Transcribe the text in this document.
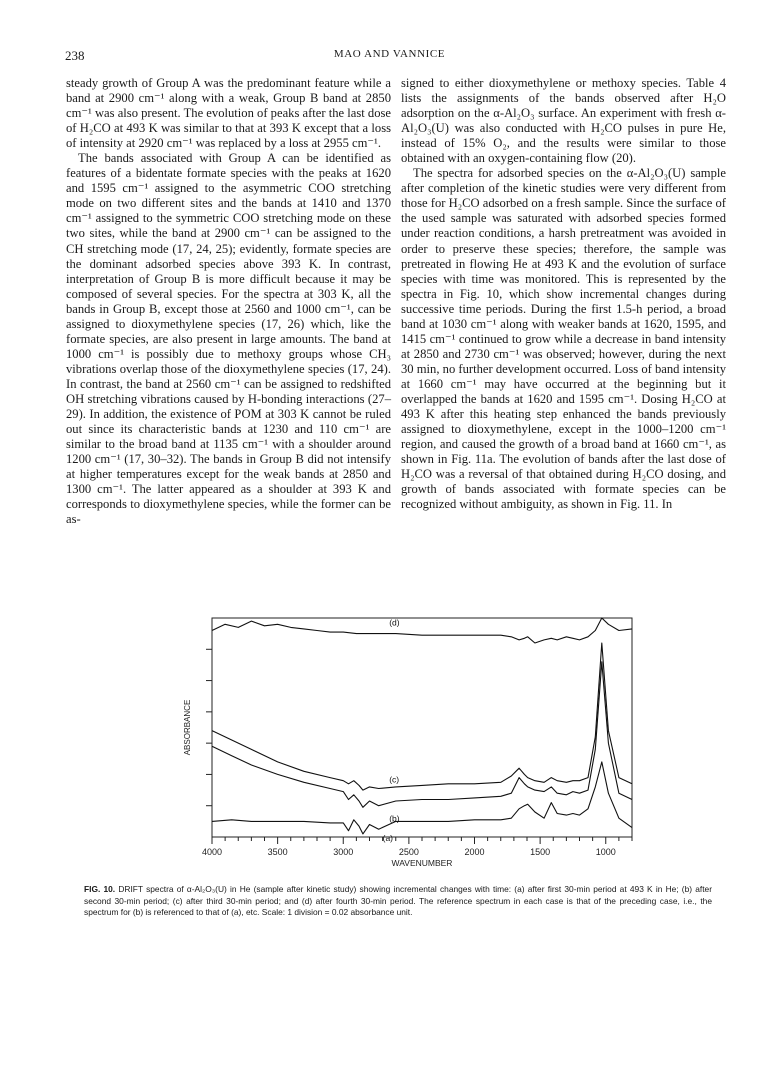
238	MAO AND VANNICE

steady growth of Group A was the predominant feature while a band at 2900 cm⁻¹ along with a weak, Group B band at 2850 cm⁻¹ was also present. The evolution of peaks after the last dose of H₂CO at 493 K was similar to that at 393 K except that a loss of intensity at 2920 cm⁻¹ was replaced by a loss at 2955 cm⁻¹.

The bands associated with Group A can be identified as features of a bidentate formate species with the peaks at 1620 and 1595 cm⁻¹ assigned to the asymmetric COO stretching mode on two different sites and the bands at 1410 and 1370 cm⁻¹ assigned to the symmetric COO stretching mode on these two sites, while the band at 2900 cm⁻¹ can be assigned to the CH stretching mode (17, 24, 25); evidently, formate species are the dominant adsorbed species above 393 K. In contrast, interpretation of Group B is more difficult because it may be composed of several species. For the spectra at 303 K, all the bands in Group B, except those at 2560 and 1000 cm⁻¹, can be assigned to dioxymethylene species (17, 26) which, like the formate species, are also present in large amounts. The band at 1000 cm⁻¹ is possibly due to methoxy groups whose CH₃ vibrations overlap those of the dioxymethylene species (17, 24). In contrast, the band at 2560 cm⁻¹ can be assigned to redshifted OH stretching vibrations caused by H-bonding interactions (27–29). In addition, the existence of POM at 303 K cannot be ruled out since its characteristic bands at 1230 and 110 cm⁻¹ are similar to the broad band at 1135 cm⁻¹ with a shoulder around 1200 cm⁻¹ (17, 30–32). The bands in Group B did not intensify at higher temperatures except for the weak bands at 2850 and 1300 cm⁻¹. The latter appeared as a shoulder at 393 K and corresponds to dioxymethylene species, while the former can be as-

signed to either dioxymethylene or methoxy species. Table 4 lists the assignments of the bands observed after H₂O adsorption on the α-Al₂O₃ surface. An experiment with fresh α-Al₂O₃(U) was also conducted with H₂CO pulses in pure He, instead of 15% O₂, and the results were similar to those obtained with an oxygen-containing flow (20).

The spectra for adsorbed species on the α-Al₂O₃(U) sample after completion of the kinetic studies were very different from those for H₂CO adsorbed on a fresh sample. Since the surface of the used sample was saturated with adsorbed species formed under reaction conditions, a harsh pretreatment was avoided in order to preserve these species; therefore, the sample was pretreated in flowing He at 493 K and the evolution of surface species with time was monitored. This is represented by the spectra in Fig. 10, which show incremental changes during successive time periods. During the first 1.5-h period, a broad band at 1030 cm⁻¹ along with weaker bands at 1620, 1595, and 1415 cm⁻¹ continued to grow while a decrease in band intensity at 2850 and 2730 cm⁻¹ was observed; however, during the next 30 min, no further development occurred. Loss of band intensity at 1660 cm⁻¹ may have occurred at the beginning but it overlapped the bands at 1620 and 1595 cm⁻¹. Dosing H₂CO at 493 K after this heating step enhanced the bands previously assigned to dioxymethylene, except in the 1000–1200 cm⁻¹ region, and caused the growth of a broad band at 1660 cm⁻¹, as shown in Fig. 11a. The evolution of bands after the last dose of H₂CO was a reversal of that obtained during H₂CO dosing, and growth of bands associated with formate species can be recognized without ambiguity, as shown in Fig. 11. In

4000	3500	3000	2500	2000	1500	1000
WAVENUMBER
ABSORBANCE
(a)
(b)
(c)
(d)
FIG. 10. DRIFT spectra of α-Al₂O₃(U) in He (sample after kinetic study) showing incremental changes with time: (a) after first 30-min period at 493 K in He; (b) after second 30-min period; (c) after third 30-min period; and (d) after fourth 30-min period. The reference spectrum in each case is that of the preceding case, i.e., the spectrum for (b) is referenced to that of (a), etc. Scale: 1 division = 0.02 absorbance unit.
